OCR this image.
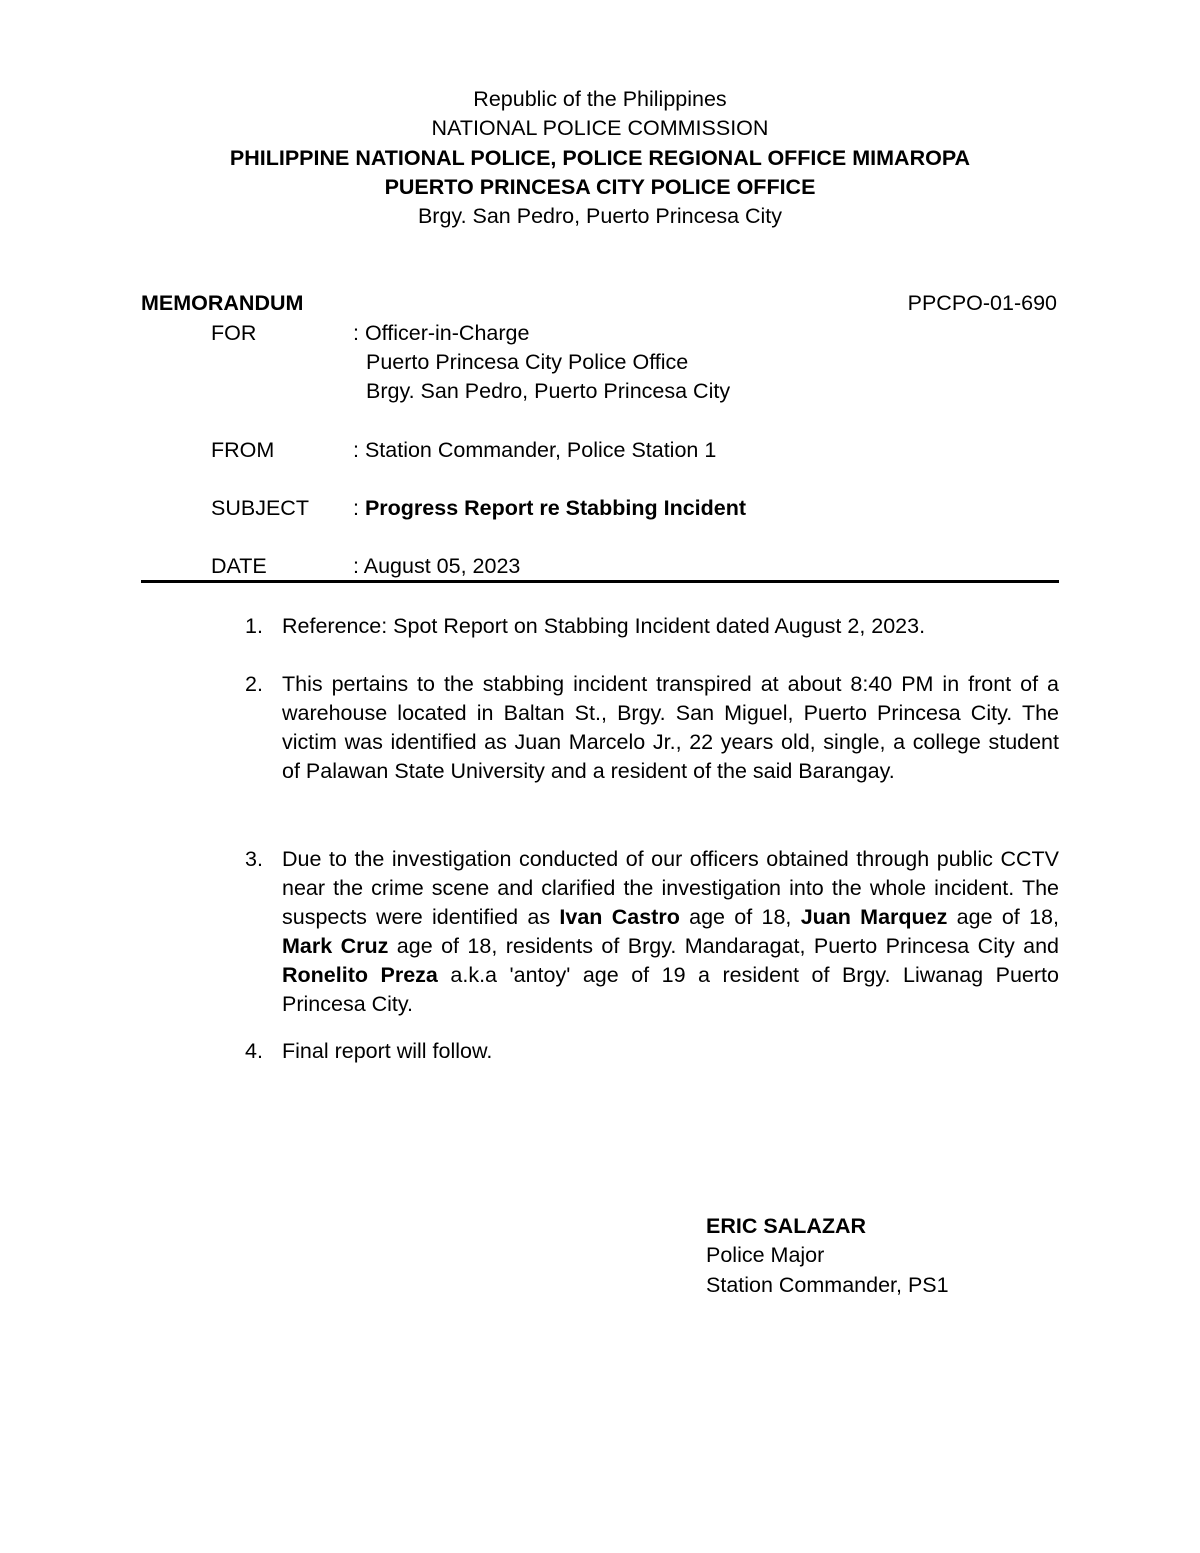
Republic of the Philippines
NATIONAL POLICE COMMISSION
PHILIPPINE NATIONAL POLICE, POLICE REGIONAL OFFICE MIMAROPA
PUERTO PRINCESA CITY POLICE OFFICE
Brgy. San Pedro, Puerto Princesa City
MEMORANDUM	PPCPO-01-690
FOR	: Officer-in-Charge
Puerto Princesa City Police Office
Brgy. San Pedro, Puerto Princesa City
FROM	: Station Commander, Police Station 1
SUBJECT : Progress Report re Stabbing Incident
DATE	: August 05, 2023
1. Reference: Spot Report on Stabbing Incident dated August 2, 2023.
2. This pertains to the stabbing incident transpired at about 8:40 PM in front of a warehouse located in Baltan St., Brgy. San Miguel, Puerto Princesa City. The victim was identified as Juan Marcelo Jr., 22 years old, single, a college student of Palawan State University and a resident of the said Barangay.
3. Due to the investigation conducted of our officers obtained through public CCTV near the crime scene and clarified the investigation into the whole incident. The suspects were identified as Ivan Castro age of 18, Juan Marquez age of 18, Mark Cruz age of 18, residents of Brgy. Mandaragat, Puerto Princesa City and Ronelito Preza a.k.a 'antoy' age of 19 a resident of Brgy. Liwanag Puerto Princesa City.
4. Final report will follow.
ERIC SALAZAR
Police Major
Station Commander, PS1
